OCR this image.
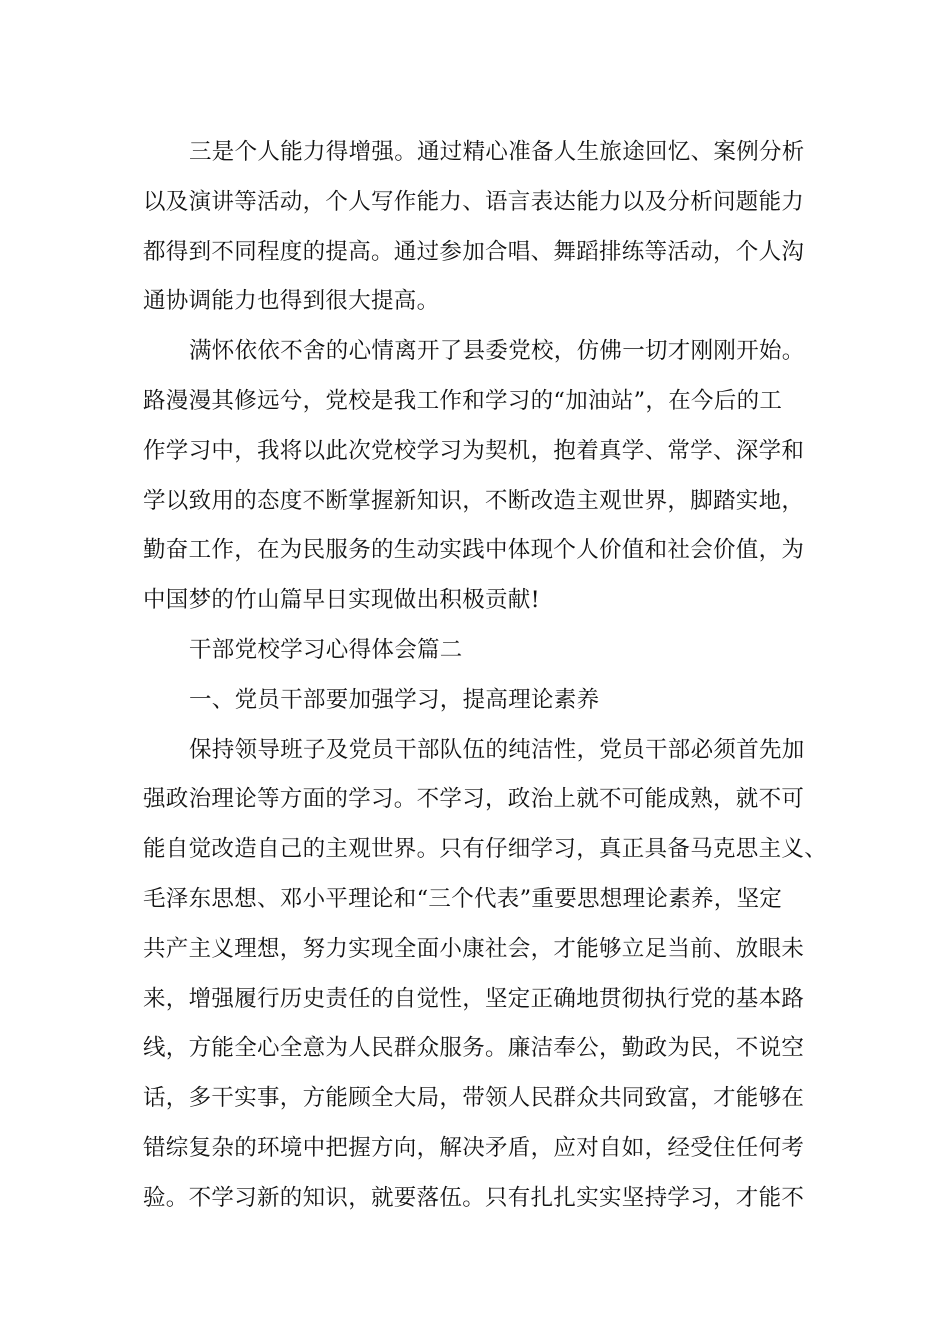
三是个人能力得增强。通过精心准备人生旅途回忆、案例分析
以及演讲等活动，个人写作能力、语言表达能力以及分析问题能力
都得到不同程度的提高。通过参加合唱、舞蹈排练等活动，个人沟
通协调能力也得到很大提高。
满怀依依不舍的心情离开了县委党校，仿佛一切才刚刚开始。
路漫漫其修远兮，党校是我工作和学习的“加油站”，在今后的工
作学习中，我将以此次党校学习为契机，抱着真学、常学、深学和
学以致用的态度不断掌握新知识，不断改造主观世界，脚踏实地，
勤奋工作，在为民服务的生动实践中体现个人价值和社会价值，为
中国梦的竹山篇早日实现做出积极贡献!
干部党校学习心得体会篇二
一、党员干部要加强学习，提高理论素养
保持领导班子及党员干部队伍的纯洁性，党员干部必须首先加
强政治理论等方面的学习。不学习，政治上就不可能成熟，就不可
能自觉改造自己的主观世界。只有仔细学习，真正具备马克思主义、
毛泽东思想、邓小平理论和“三个代表”重要思想理论素养，坚定
共产主义理想，努力实现全面小康社会，才能够立足当前、放眼未
来，增强履行历史责任的自觉性，坚定正确地贯彻执行党的基本路
线，方能全心全意为人民群众服务。廉洁奉公，勤政为民，不说空
话，多干实事，方能顾全大局，带领人民群众共同致富，才能够在
错综复杂的环境中把握方向，解决矛盾，应对自如，经受住任何考
验。不学习新的知识，就要落伍。只有扎扎实实坚持学习，才能不
